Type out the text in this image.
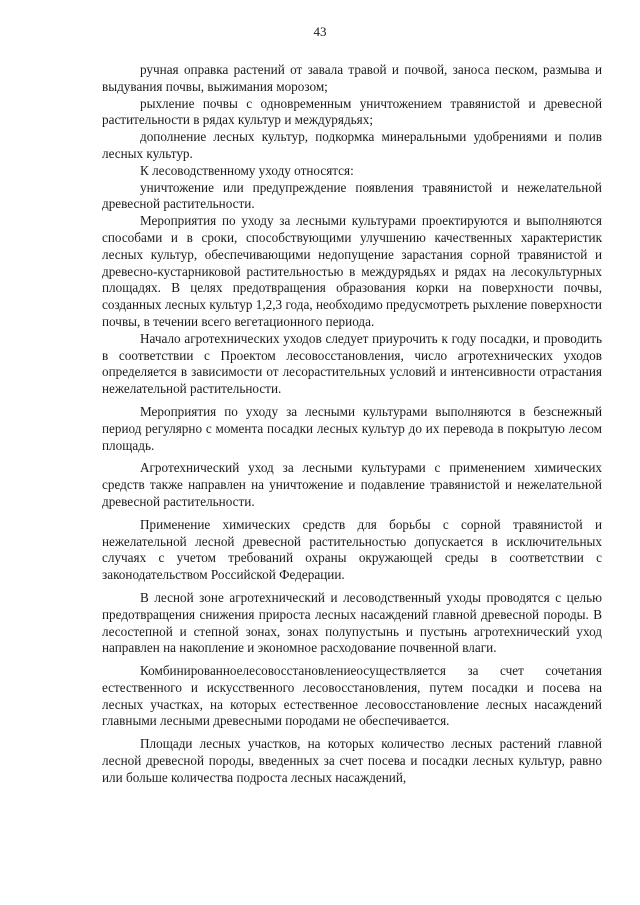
43

ручная оправка растений от завала травой и почвой, заноса песком, размыва и выдувания почвы, выжимания морозом;

рыхление почвы с одновременным уничтожением травянистой и древесной растительности в рядах культур и междурядьях;

дополнение лесных культур, подкормка минеральными удобрениями и полив лесных культур.

К лесоводственному уходу относятся:

уничтожение или предупреждение появления травянистой и нежелательной древесной растительности.

Мероприятия по уходу за лесными культурами проектируются и выполняются способами и в сроки, способствующими улучшению качественных характеристик лесных культур, обеспечивающими недопущение зарастания сорной травянистой и древесно-кустарниковой растительностью в междурядьях и рядах на лесокультурных площадях. В целях предотвращения образования корки на поверхности почвы, созданных лесных культур 1,2,3 года, необходимо предусмотреть рыхление поверхности почвы, в течении всего вегетационного периода.

Начало агротехнических уходов следует приурочить к году посадки, и проводить в соответствии с Проектом лесовосстановления, число агротехнических уходов определяется в зависимости от лесорастительных условий и интенсивности отрастания нежелательной растительности.

Мероприятия по уходу за лесными культурами выполняются в безснежный период регулярно с момента посадки лесных культур до их перевода в покрытую лесом площадь.

Агротехнический уход за лесными культурами с применением химических средств также направлен на уничтожение и подавление травянистой и нежелательной древесной растительности.

Применение химических средств для борьбы с сорной травянистой и нежелательной лесной древесной растительностью допускается в исключительных случаях с учетом требований охраны окружающей среды в соответствии с законодательством Российской Федерации.

В лесной зоне агротехнический и лесоводственный уходы проводятся с целью предотвращения снижения прироста лесных насаждений главной древесной породы. В лесостепной и степной зонах, зонах полупустынь и пустынь агротехнический уход направлен на накопление и экономное расходование почвенной влаги.

Комбинированноелесовосстановлениеосуществляется за счет сочетания естественного и искусственного лесовосстановления, путем посадки и посева на лесных участках, на которых естественное лесовосстановление лесных насаждений главными лесными древесными породами не обеспечивается.

Площади лесных участков, на которых количество лесных растений главной лесной древесной породы, введенных за счет посева и посадки лесных культур, равно или больше количества подроста лесных насаждений,
